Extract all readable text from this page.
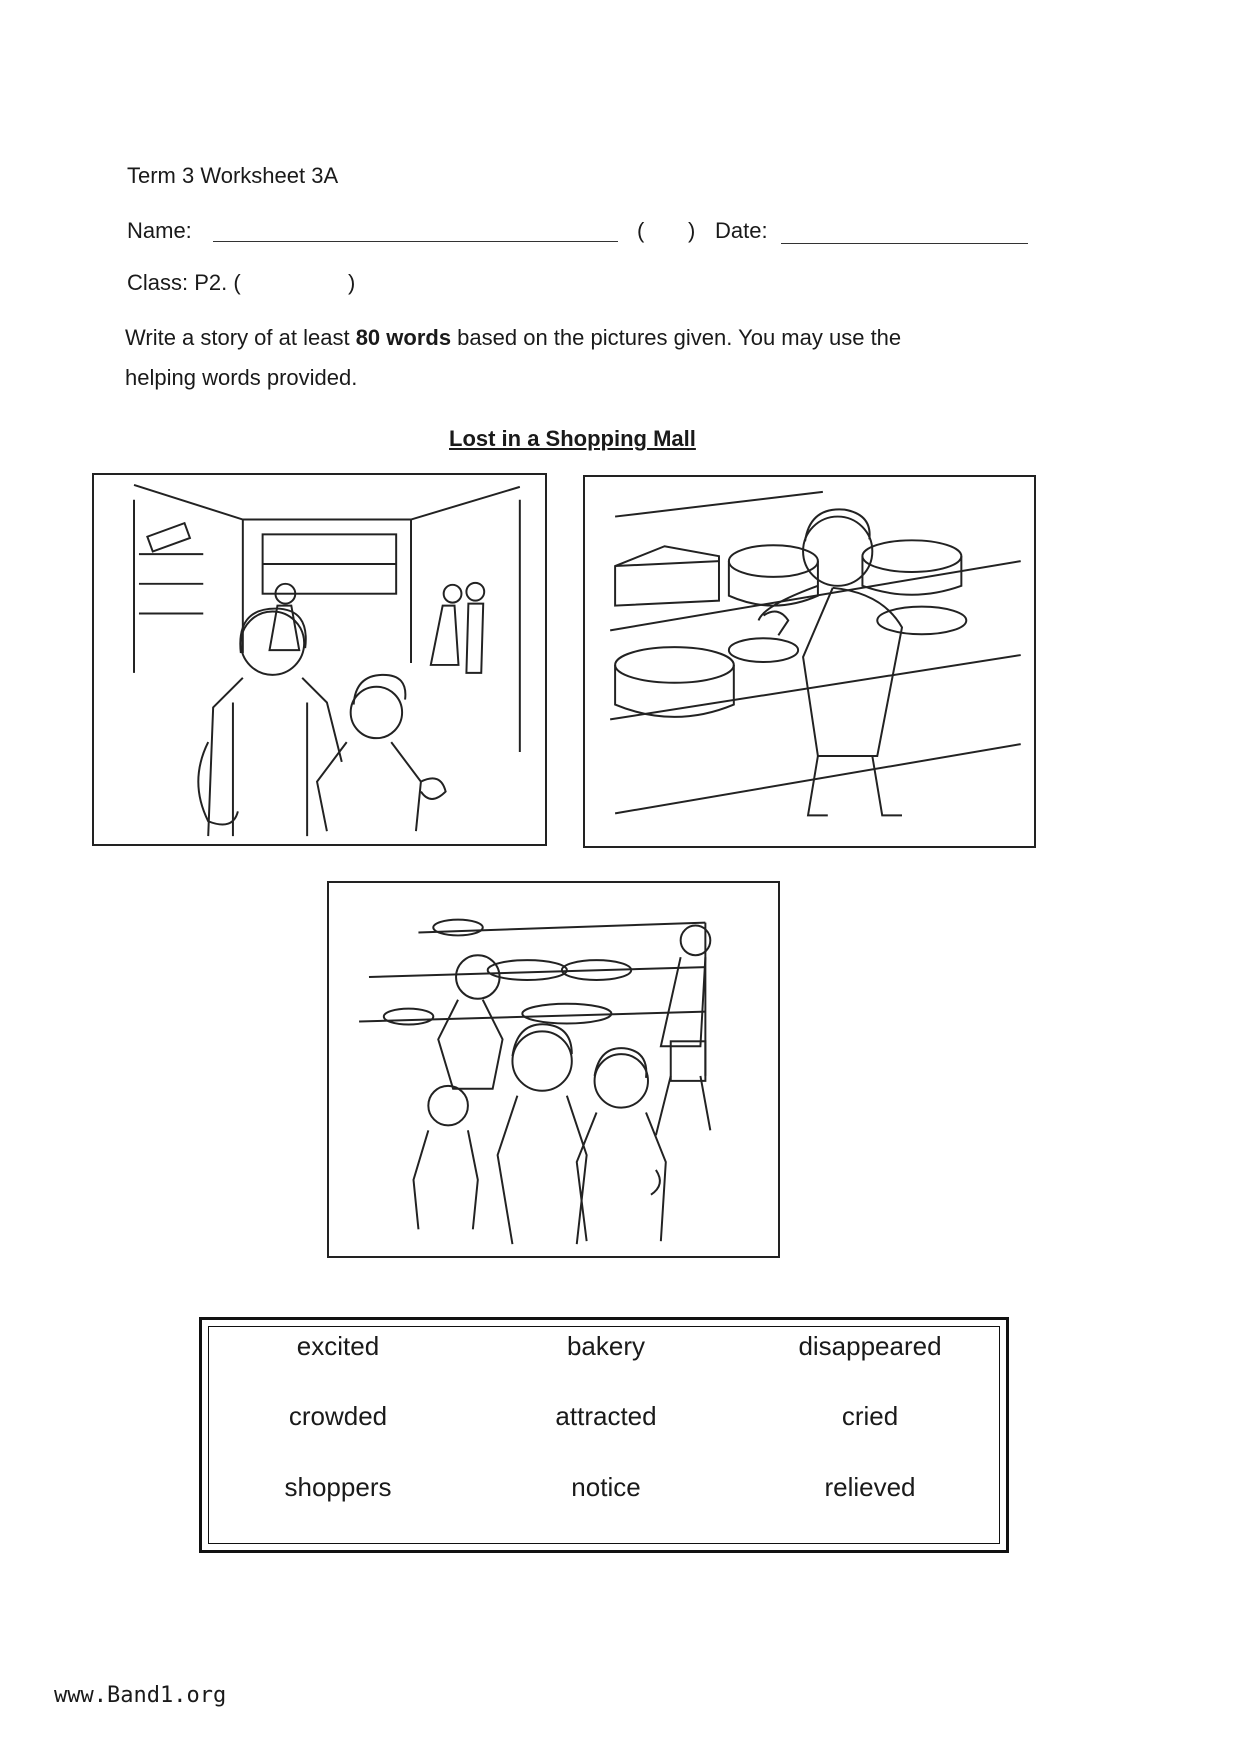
Term 3 Worksheet 3A
Name:	( ) Date:
Class: P2. (	)
Write a story of at least 80 words based on the pictures given. You may use the
helping words provided.
Lost in a Shopping Mall
excited	bakery	disappeared
crowded	attracted	cried
shoppers	notice	relieved
www.Band1.org
